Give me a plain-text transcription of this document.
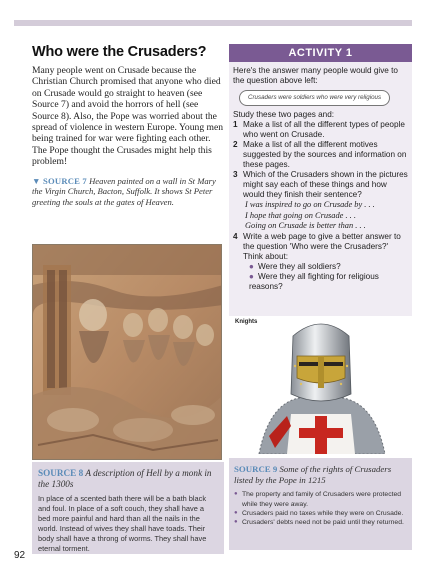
Who were the Crusaders?

Many people went on Crusade because the Christian Church promised that anyone who died on Crusade would go straight to heaven (see Source 7) and avoid the horrors of hell (see Source 8). Also, the Pope was worried about the spread of violence in western Europe. Young men being trained for war were fighting each other. The Pope thought the Crusades might help this problem!

▼ SOURCE 7 Heaven painted on a wall in St Mary the Virgin Church, Bacton, Suffolk. It shows St Peter greeting the souls at the gates of Heaven.

SOURCE 8 A description of Hell by a monk in the 1300s

In place of a scented bath there will be a bath black and foul. In place of a soft couch, they shall have a bed more painful and hard than all the nails in the world. Instead of wives they shall have toads. Their body shall have a throng of worms. They shall have eternal torment.

92
ACTIVITY 1

Here's the answer many people would give to the question above left:

Crusaders were soldiers who were very religious

Study these two pages and:

1 Make a list of all the different types of people who went on Crusade.
2 Make a list of all the different motives suggested by the sources and information on these pages.
3 Which of the Crusaders shown in the pictures might say each of these things and how would they finish their sentence?

I was inspired to go on Crusade by . . .

I hope that going on Crusade . . .

Going on Crusade is better than . . .

4 Write a web page to give a better answer to the question 'Who were the Crusaders?' Think about:

● Were they all soldiers?

● Were they all fighting for religious reasons?

Knights

SOURCE 9 Some of the rights of Crusaders listed by the Pope in 1215

● The property and family of Crusaders were protected while they were away.
● Crusaders paid no taxes while they were on Crusade.
● Crusaders' debts need not be paid until they returned.
